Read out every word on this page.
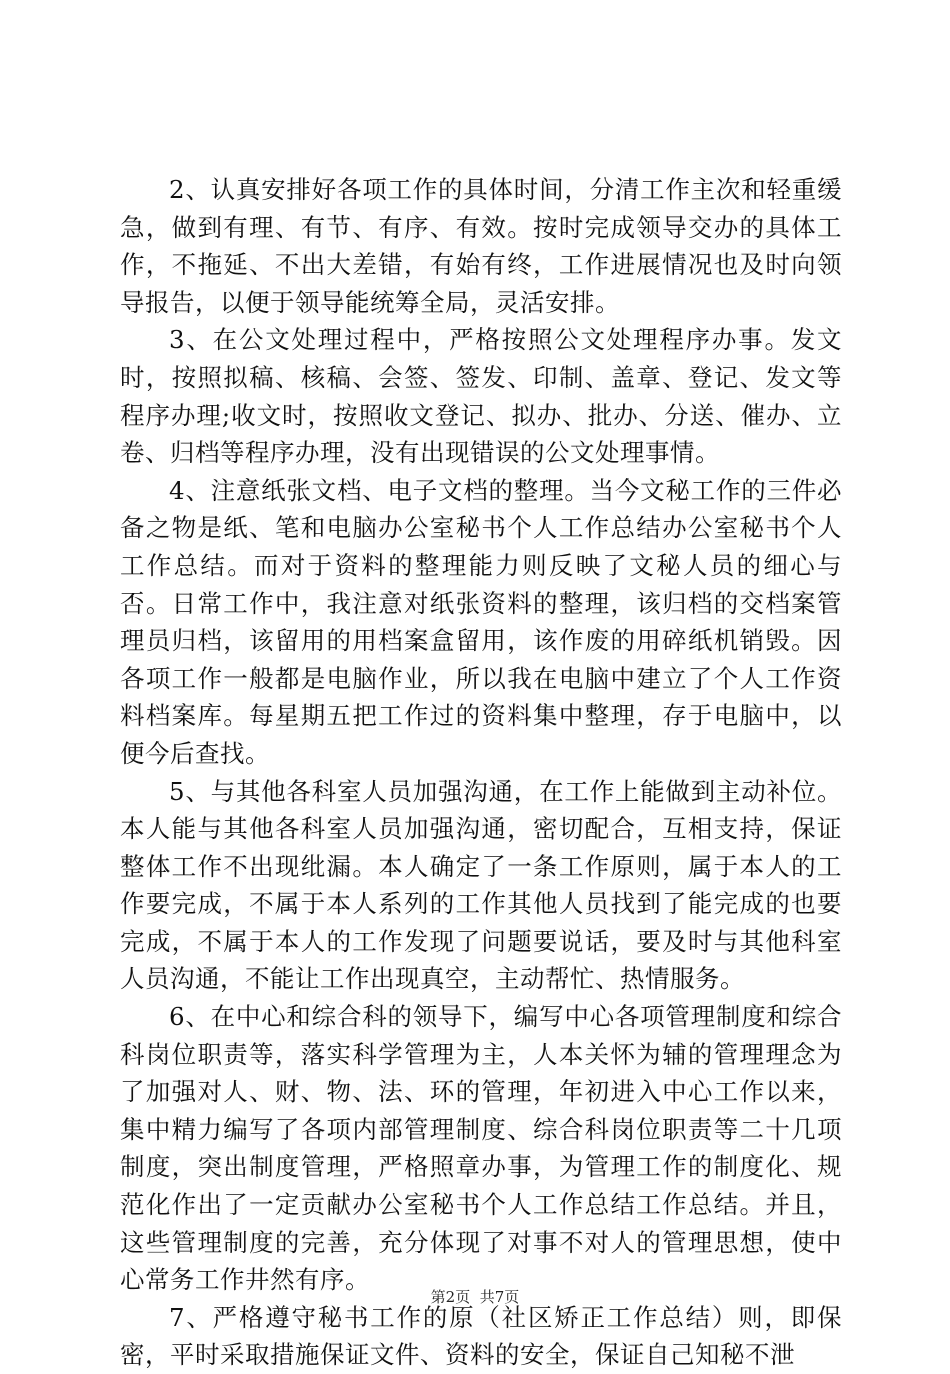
2、认真安排好各项工作的具体时间，分清工作主次和轻重缓急，做到有理、有节、有序、有效。按时完成领导交办的具体工作，不拖延、不出大差错，有始有终，工作进展情况也及时向领导报告，以便于领导能统筹全局，灵活安排。

3、在公文处理过程中，严格按照公文处理程序办事。发文时，按照拟稿、核稿、会签、签发、印制、盖章、登记、发文等程序办理;收文时，按照收文登记、拟办、批办、分送、催办、立卷、归档等程序办理，没有出现错误的公文处理事情。

4、注意纸张文档、电子文档的整理。当今文秘工作的三件必备之物是纸、笔和电脑办公室秘书个人工作总结办公室秘书个人工作总结。而对于资料的整理能力则反映了文秘人员的细心与否。日常工作中，我注意对纸张资料的整理，该归档的交档案管理员归档，该留用的用档案盒留用，该作废的用碎纸机销毁。因各项工作一般都是电脑作业，所以我在电脑中建立了个人工作资料档案库。每星期五把工作过的资料集中整理，存于电脑中，以便今后查找。

5、与其他各科室人员加强沟通，在工作上能做到主动补位。本人能与其他各科室人员加强沟通，密切配合，互相支持，保证整体工作不出现纰漏。本人确定了一条工作原则，属于本人的工作要完成，不属于本人系列的工作其他人员找到了能完成的也要完成，不属于本人的工作发现了问题要说话，要及时与其他科室人员沟通，不能让工作出现真空，主动帮忙、热情服务。

6、在中心和综合科的领导下，编写中心各项管理制度和综合科岗位职责等，落实科学管理为主，人本关怀为辅的管理理念为了加强对人、财、物、法、环的管理，年初进入中心工作以来，集中精力编写了各项内部管理制度、综合科岗位职责等二十几项制度，突出制度管理，严格照章办事，为管理工作的制度化、规范化作出了一定贡献办公室秘书个人工作总结工作总结。并且，这些管理制度的完善，充分体现了对事不对人的管理思想，使中心常务工作井然有序。

7、严格遵守秘书工作的原（社区矫正工作总结）则，即保密，平时采取措施保证文件、资料的安全，保证自己知秘不泄

第2页 共7页
